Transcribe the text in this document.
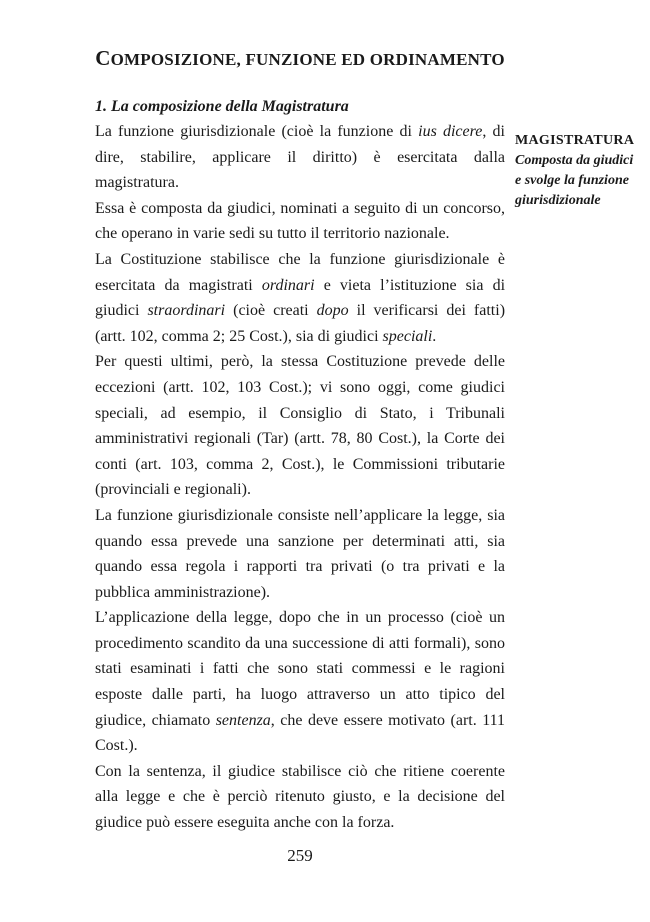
COMPOSIZIONE, FUNZIONE ED ORDINAMENTO
1. La composizione della Magistratura

La funzione giurisdizionale (cioè la funzione di ius dicere, di dire, stabilire, applicare il diritto) è esercitata dalla magistratura.

Essa è composta da giudici, nominati a seguito di un concorso, che operano in varie sedi su tutto il territorio nazionale.

La Costituzione stabilisce che la funzione giurisdizionale è esercitata da magistrati ordinari e vieta l’istituzione sia di giudici straordinari (cioè creati dopo il verificarsi dei fatti) (artt. 102, comma 2; 25 Cost.), sia di giudici speciali.

Per questi ultimi, però, la stessa Costituzione prevede delle eccezioni (artt. 102, 103 Cost.); vi sono oggi, come giudici speciali, ad esempio, il Consiglio di Stato, i Tribunali amministrativi regionali (Tar) (artt. 78, 80 Cost.), la Corte dei conti (art. 103, comma 2, Cost.), le Commissioni tributarie (provinciali e regionali).

La funzione giurisdizionale consiste nell’applicare la legge, sia quando essa prevede una sanzione per determinati atti, sia quando essa regola i rapporti tra privati (o tra privati e la pubblica amministrazione).

L’applicazione della legge, dopo che in un processo (cioè un procedimento scandito da una successione di atti formali), sono stati esaminati i fatti che sono stati commessi e le ragioni esposte dalle parti, ha luogo attraverso un atto tipico del giudice, chiamato sentenza, che deve essere motivato (art. 111 Cost.).

Con la sentenza, il giudice stabilisce ciò che ritiene coerente alla legge e che è perciò ritenuto giusto, e la decisione del giudice può essere eseguita anche con la forza.

MAGISTRATURA
Composta da giudici e svolge la funzione giurisdizionale
259
